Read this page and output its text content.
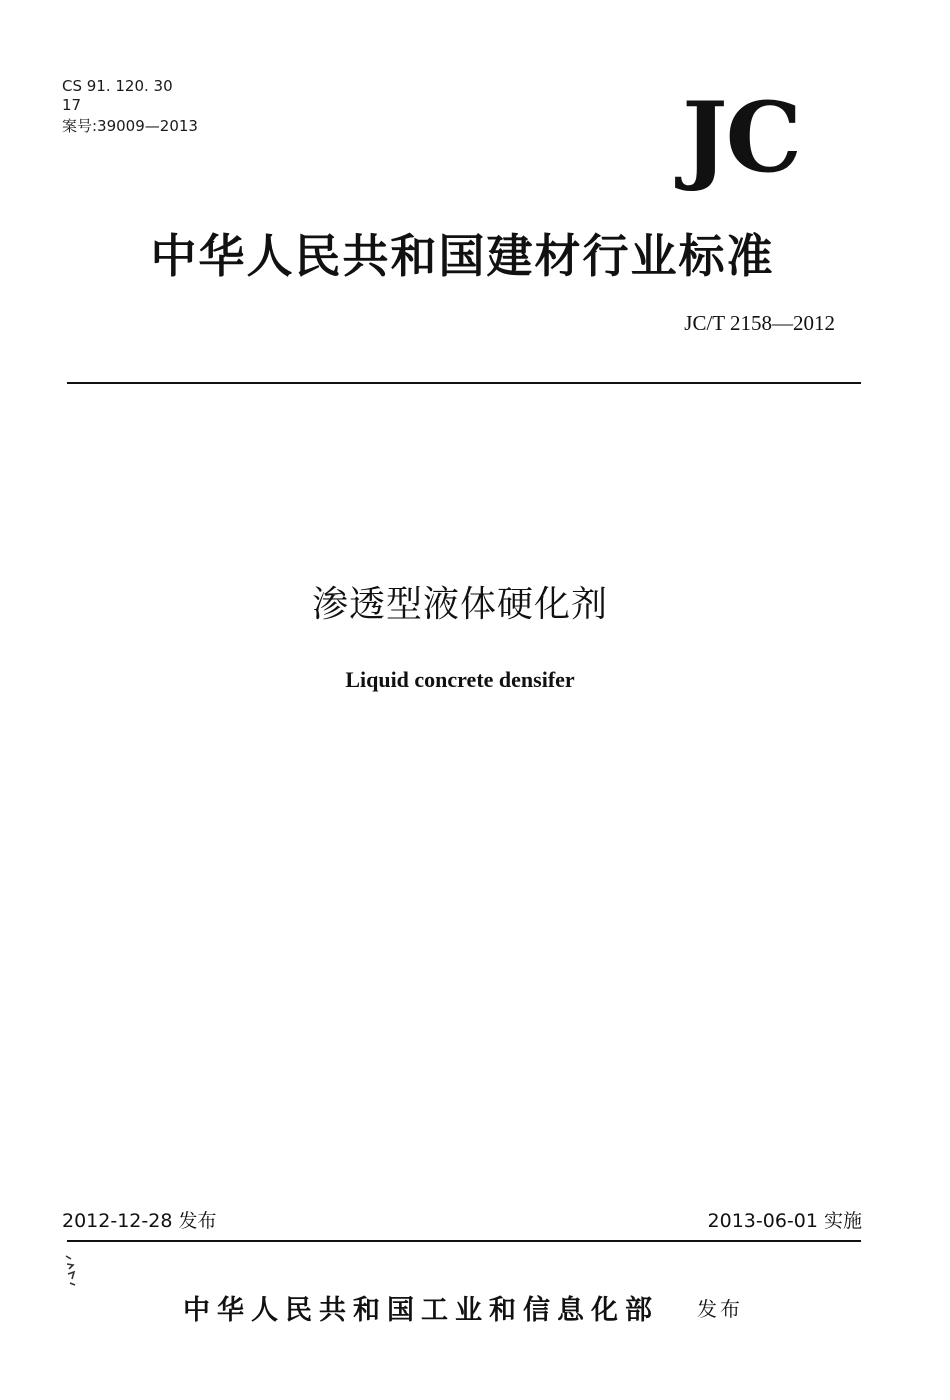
CS 91. 120. 30
17
案号:39009—2013	JC
中华人民共和国建材行业标准
JC/T 2158—2012
渗透型液体硬化剂
Liquid concrete densifer
2012-12-28 发布	2013-06-01 实施
中华人民共和国工业和信息化部 发布
